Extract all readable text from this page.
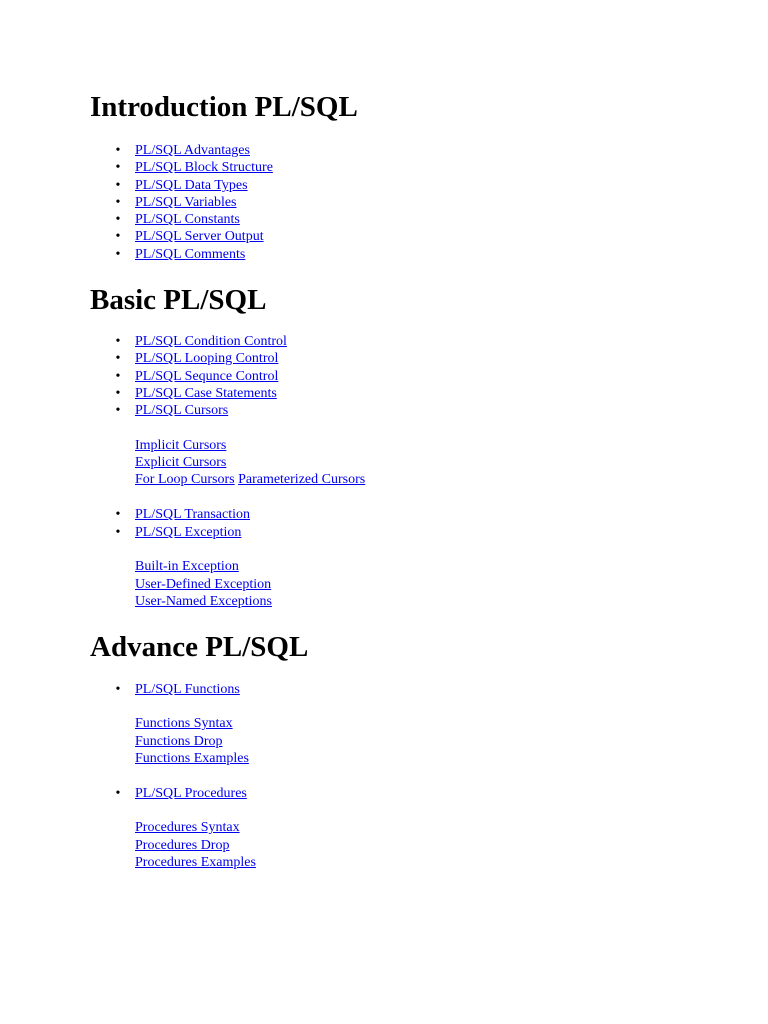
Introduction PL/SQL
• PL/SQL Advantages
• PL/SQL Block Structure
• PL/SQL Data Types
• PL/SQL Variables
• PL/SQL Constants
• PL/SQL Server Output
• PL/SQL Comments
Basic PL/SQL
• PL/SQL Condition Control
• PL/SQL Looping Control
• PL/SQL Sequnce Control
• PL/SQL Case Statements
• PL/SQL Cursors
Implicit Cursors
Explicit Cursors
For Loop Cursors Parameterized Cursors
• PL/SQL Transaction
• PL/SQL Exception
Built-in Exception
User-Defined Exception
User-Named Exceptions
Advance PL/SQL
• PL/SQL Functions
Functions Syntax
Functions Drop
Functions Examples
• PL/SQL Procedures
Procedures Syntax
Procedures Drop
Procedures Examples
